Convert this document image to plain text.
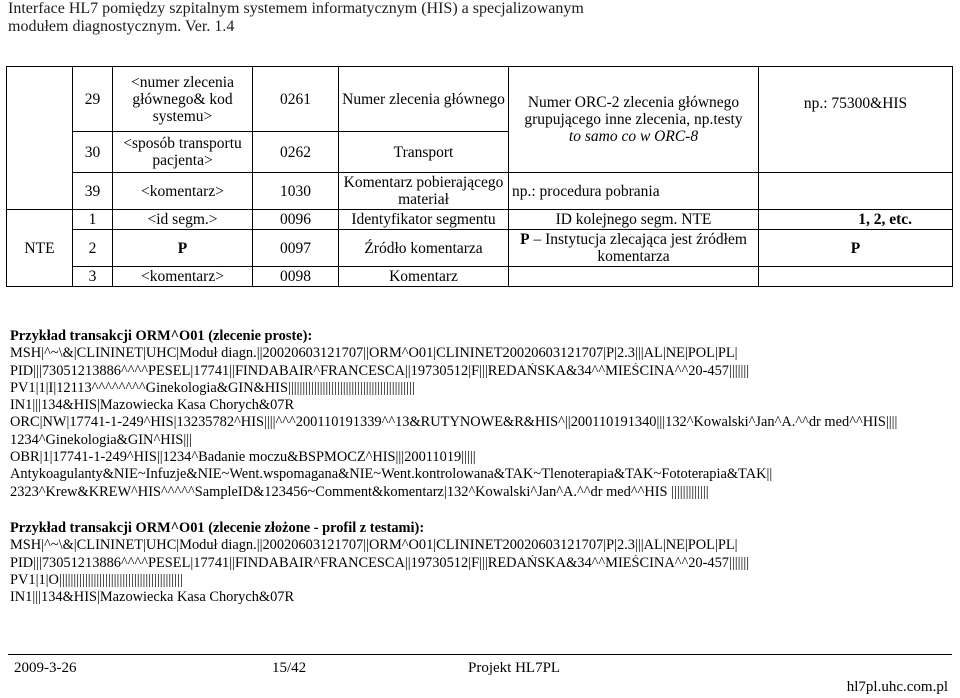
Interface HL7 pomiędzy szpitalnym systemem informatycznym (HIS) a specjalizowanym
modułem diagnostycznym. Ver. 1.4
	29	<numer zlecenia głównego& kod systemu>	0261	Numer zlecenia głównego	Numer ORC-2 zlecenia głównego grupującego inne zlecenia, np.testy
to samo co w ORC-8	np.: 75300&HIS
	30	<sposób transportu pacjenta>	0262	Transport		
	39	<komentarz>	1030	Komentarz pobierającego materiał	np.: procedura pobrania	
NTE	1	<id segm.>	0096	Identyfikator segmentu	ID kolejnego segm. NTE	1, 2, etc.
	2	P	0097	Źródło komentarza	P – Instytucja zlecająca jest źródłem komentarza	P
	3	<komentarz>	0098	Komentarz		
Przykład transakcji ORM^O01 (zlecenie proste):
MSH|^~\&|CLININET|UHC|Moduł diagn.||20020603121707||ORM^O01|CLININET20020603121707|P|2.3|||AL|NE|POL|PL|
PID|||73051213886^^^^PESEL|17741||FINDABAIR^FRANCESCA||19730512|F|||REDAŃSKA&34^^MIEŚCINA^^20-457|||||||
PV1|1|I|12113^^^^^^^^Ginekologia&GIN&HIS||||||||||||||||||||||||||||||||||||||||||||
IN1|||134&HIS|Mazowiecka Kasa Chorych&07R
ORC|NW|17741-1-249^HIS|13235782^HIS||||^^^200110191339^^13&RUTYNOWE&R&HIS^||200110191340|||132^Kowalski^Jan^A.^^dr med^^HIS||||
1234^Ginekologia&GIN^HIS|||
OBR|1|17741-1-249^HIS||1234^Badanie moczu&BSPMOCZ^HIS|||20011019|||||
Antykoagulanty&NIE~Infuzje&NIE~Went.wspomagana&NIE~Went.kontrolowana&TAK~Tlenoterapia&TAK~Fototerapia&TAK||
2323^Krew&KREW^HIS^^^^^SampleID&123456~Comment&komentarz|132^Kowalski^Jan^A.^^dr med^^HIS |||||||||||||
Przykład transakcji ORM^O01 (zlecenie złożone - profil z testami):
MSH|^~\&|CLININET|UHC|Moduł diagn.||20020603121707||ORM^O01|CLININET20020603121707|P|2.3|||AL|NE|POL|PL|
PID|||73051213886^^^^PESEL|17741||FINDABAIR^FRANCESCA||19730512|F|||REDAŃSKA&34^^MIEŚCINA^^20-457|||||||
PV1|1|O|||||||||||||||||||||||||||||||||||||||||||
IN1|||134&HIS|Mazowiecka Kasa Chorych&07R
2009-3-26	15/42	Projekt HL7PL
hl7pl.uhc.com.pl
